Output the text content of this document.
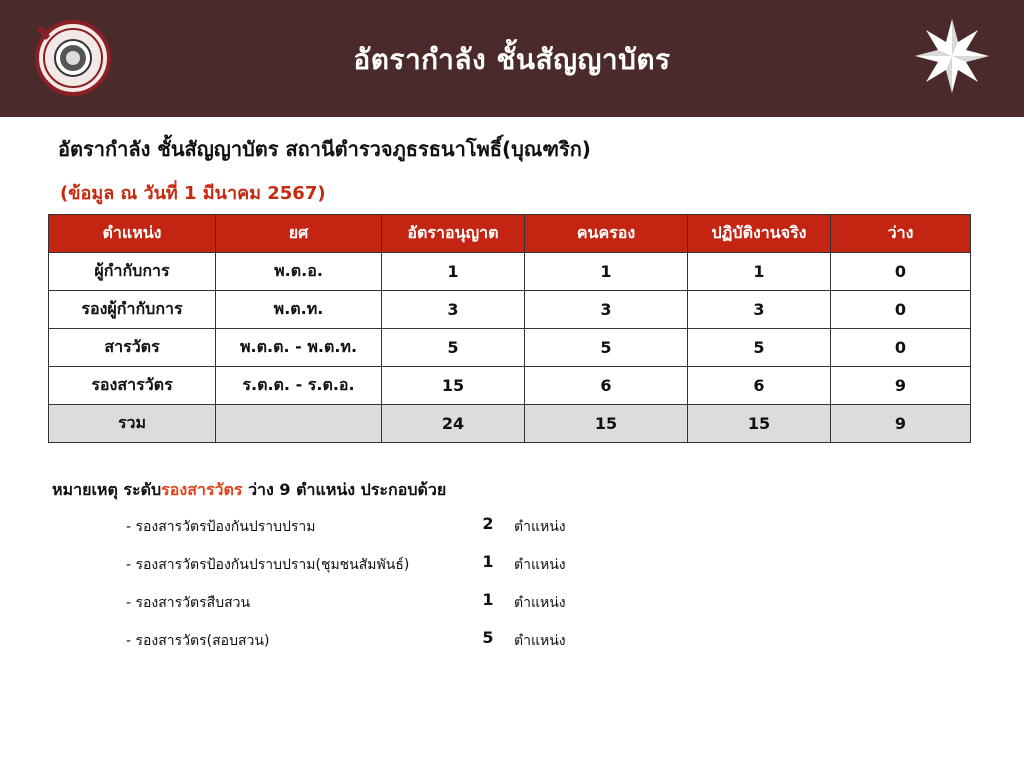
อัตรากำลัง ชั้นสัญญาบัตร
อัตรากำลัง ชั้นสัญญาบัตร สถานีตำรวจภูธรธนาโพธิ์(บุณฑริก)
(ข้อมูล ณ วันที่ 1 มีนาคม 2567)
ตำแหน่ง	ยศ	อัตราอนุญาต	คนครอง	ปฏิบัติงานจริง	ว่าง
ผู้กำกับการ	พ.ต.อ.	1	1	1	0
รองผู้กำกับการ	พ.ต.ท.	3	3	3	0
สารวัตร	พ.ต.ต. - พ.ต.ท.	5	5	5	0
รองสารวัตร	ร.ต.ต. - ร.ต.อ.	15	6	6	9
รวม		24	15	15	9
หมายเหตุ ระดับรองสารวัตร ว่าง 9 ตำแหน่ง ประกอบด้วย
- รองสารวัตรป้องกันปราบปราม	2 ตำแหน่ง
- รองสารวัตรป้องกันปราบปราม(ชุมชนสัมพันธ์)	1 ตำแหน่ง
- รองสารวัตรสืบสวน	1 ตำแหน่ง
- รองสารวัตร(สอบสวน)	5 ตำแหน่ง
